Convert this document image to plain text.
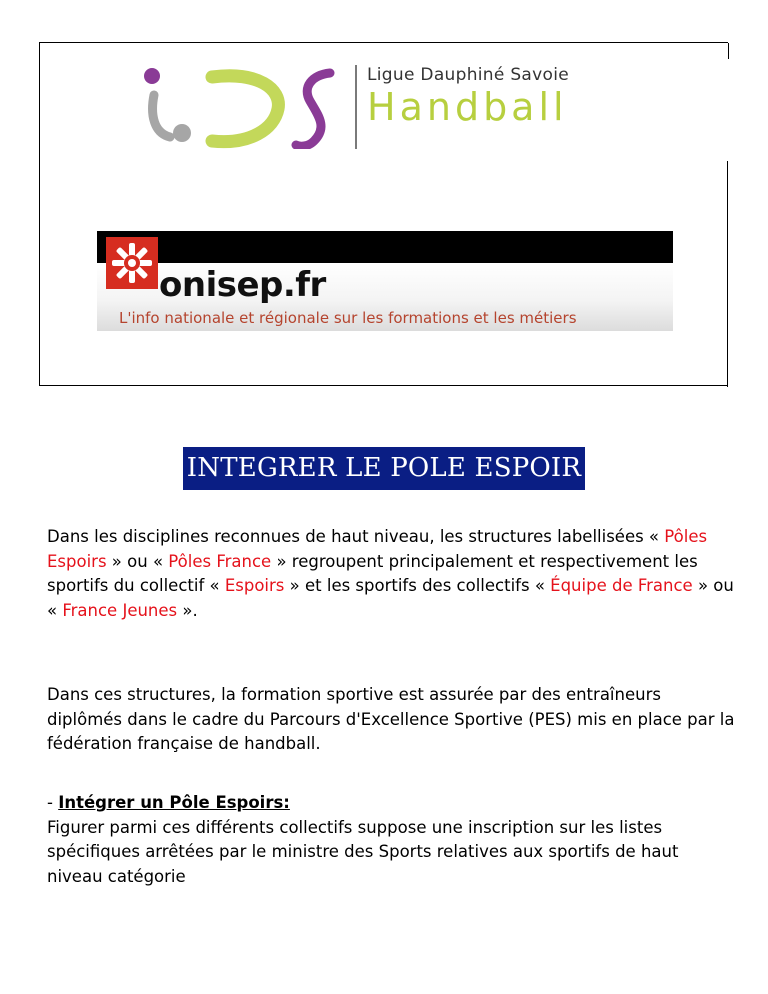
Ligue Dauphiné Savoie
Handball
onisep.fr
L'info nationale et régionale sur les formations et les métiers
INTEGRER LE POLE ESPOIR
Dans les disciplines reconnues de haut niveau, les structures labellisées « Pôles Espoirs » ou « Pôles France » regroupent principalement et respectivement les sportifs du collectif « Espoirs » et les sportifs des collectifs « Équipe de France » ou « France Jeunes ».
Dans ces structures, la formation sportive est assurée par des entraîneurs diplômés dans le cadre du Parcours d'Excellence Sportive (PES) mis en place par la fédération française de handball.
- Intégrer un Pôle Espoirs:
Figurer parmi ces différents collectifs suppose une inscription sur les listes spécifiques arrêtées par le ministre des Sports relatives aux sportifs de haut niveau catégorie
